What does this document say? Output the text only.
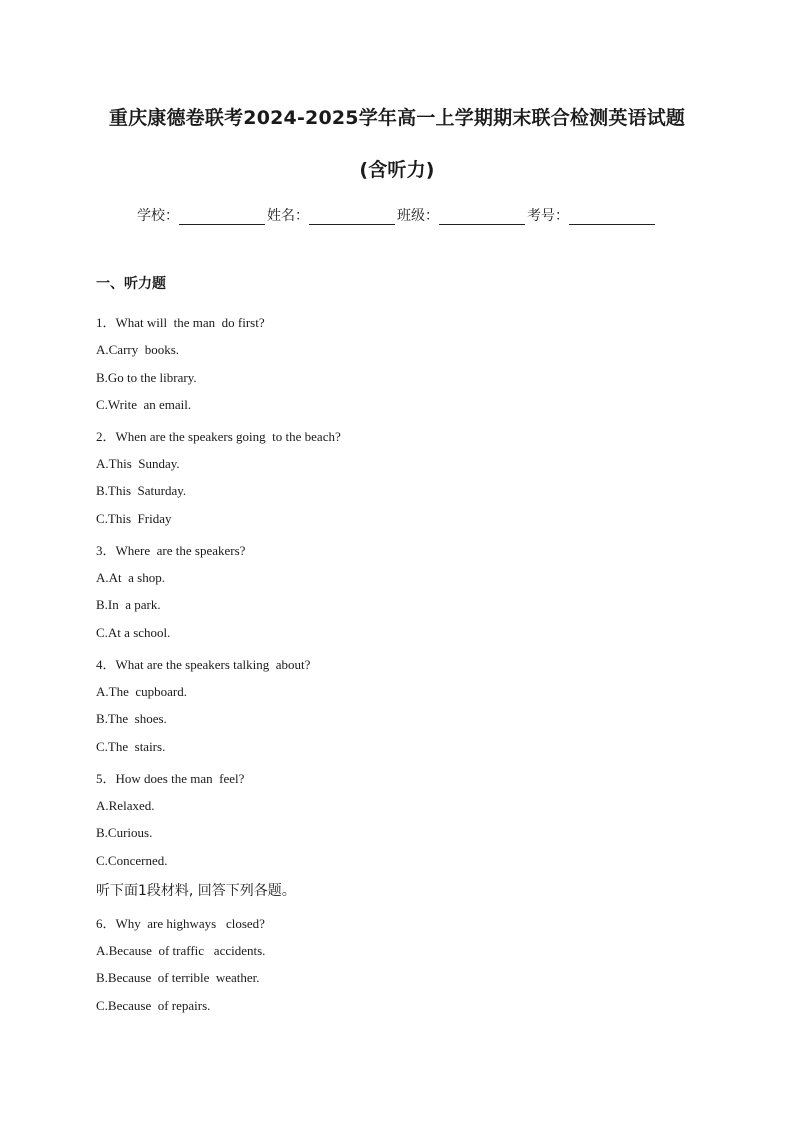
重庆康德卷联考2024-2025学年高一上学期期末联合检测英语试题
(含听力)
学校：	姓名：	班级：	考号：
一、听力题
1．What will  the man  do first?
A.Carry  books.
B.Go to the library.
C.Write  an email.
2．When are the speakers going  to the beach?
A.This  Sunday.
B.This  Saturday.
C.This  Friday
3．Where  are the speakers?
A.At  a shop.
B.In  a park.
C.At a school.
4．What are the speakers talking  about?
A.The  cupboard.
B.The  shoes.
C.The  stairs.
5．How does the man  feel?
A.Relaxed.
B.Curious.
C.Concerned.
听下面1段材料, 回答下列各题。
6．Why  are highways   closed?
A.Because  of traffic   accidents.
B.Because  of terrible  weather.
C.Because  of repairs.
